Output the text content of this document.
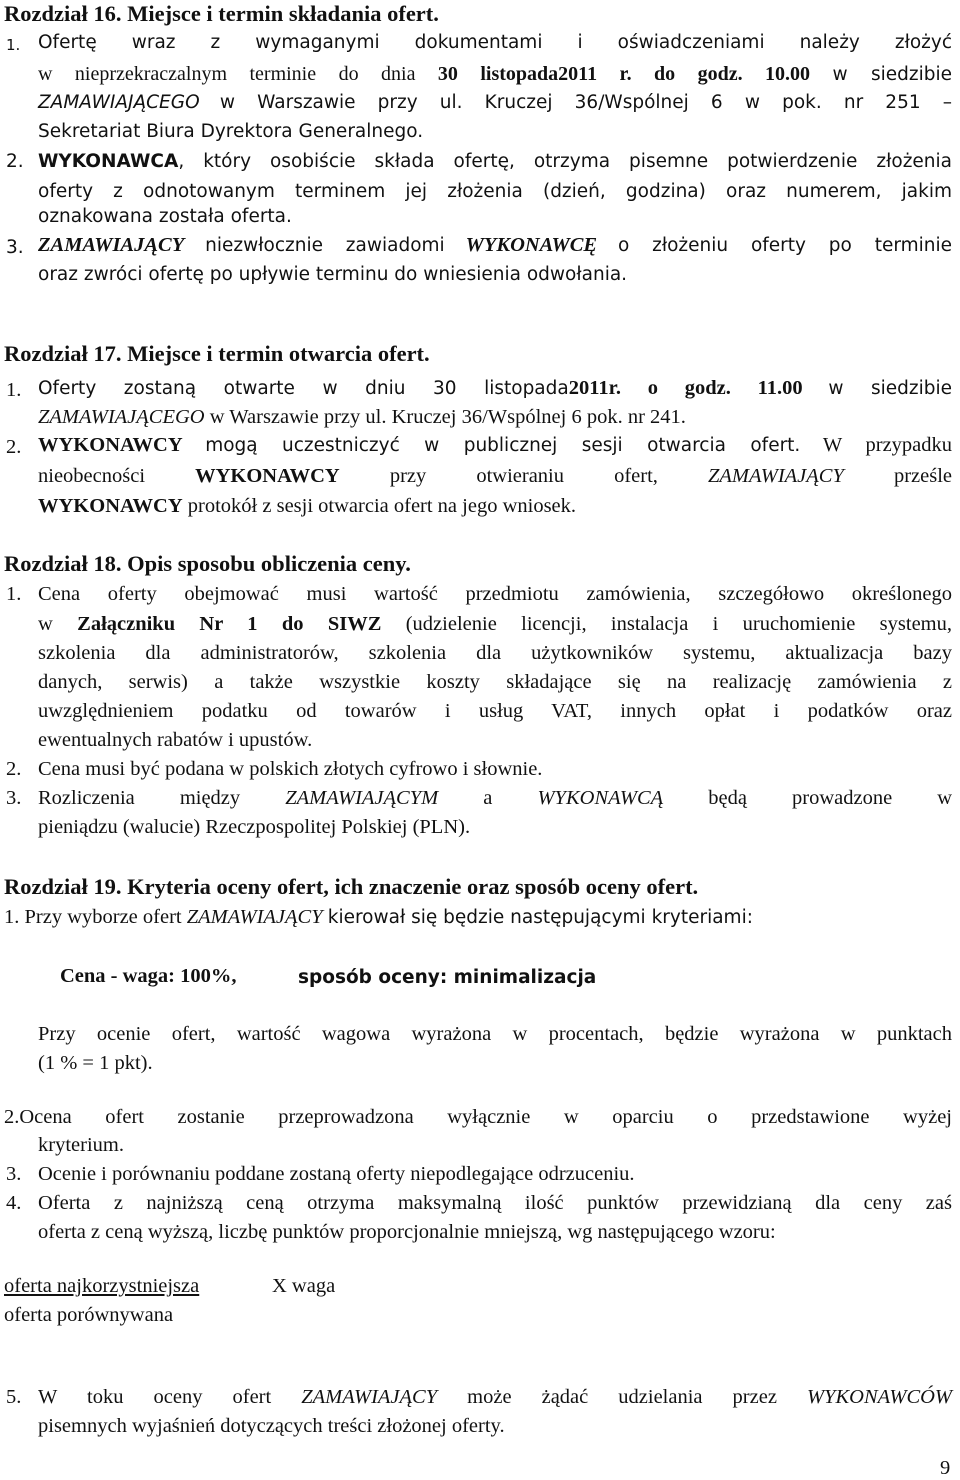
Rozdział 16. Miejsce i termin składania ofert.
1. Ofertę wraz z wymaganymi dokumentami i oświadczeniami należy złożyć
w nieprzekraczalnym terminie do dnia 30 listopada2011 r. do godz. 10.00 w siedzibie
ZAMAWIAJĄCEGO w Warszawie przy ul. Kruczej 36/Wspólnej 6 w pok. nr 251 –
Sekretariat Biura Dyrektora Generalnego.
2. WYKONAWCA, który osobiście składa ofertę, otrzyma pisemne potwierdzenie złożenia
oferty z odnotowanym terminem jej złożenia (dzień, godzina) oraz numerem, jakim
oznakowana została oferta.
3. ZAMAWIAJĄCY niezwłocznie zawiadomi WYKONAWCĘ o złożeniu oferty po terminie
oraz zwróci ofertę po upływie terminu do wniesienia odwołania.
Rozdział 17. Miejsce i termin otwarcia ofert.
1. Oferty zostaną otwarte w dniu 30 listopada2011r. o godz. 11.00 w siedzibie
ZAMAWIAJĄCEGO w Warszawie przy ul. Kruczej 36/Wspólnej 6 pok. nr 241.
2. WYKONAWCY mogą uczestniczyć w publicznej sesji otwarcia ofert. W przypadku
nieobecności WYKONAWCY przy otwieraniu ofert, ZAMAWIAJĄCY prześle
WYKONAWCY protokół z sesji otwarcia ofert na jego wniosek.
Rozdział 18. Opis sposobu obliczenia ceny.
1. Cena oferty obejmować musi wartość przedmiotu zamówienia, szczegółowo określonego
w Załączniku Nr 1 do SIWZ (udzielenie licencji, instalacja i uruchomienie systemu,
szkolenia dla administratorów, szkolenia dla użytkowników systemu, aktualizacja bazy
danych, serwis) a także wszystkie koszty składające się na realizację zamówienia z
uwzględnieniem podatku od towarów i usług VAT, innych opłat i podatków oraz
ewentualnych rabatów i upustów.
2. Cena musi być podana w polskich złotych cyfrowo i słownie.
3. Rozliczenia między ZAMAWIAJĄCYM a WYKONAWCĄ będą prowadzone w
pieniądzu (walucie) Rzeczpospolitej Polskiej (PLN).
Rozdział 19. Kryteria oceny ofert, ich znaczenie oraz sposób oceny ofert.
1. Przy wyborze ofert ZAMAWIAJĄCY kierował się będzie następującymi kryteriami:
Cena - waga: 100%,	sposób oceny: minimalizacja
Przy ocenie ofert, wartość wagowa wyrażona w procentach, będzie wyrażona w punktach
(1 % = 1 pkt).
2.Ocena ofert zostanie przeprowadzona wyłącznie w oparciu o przedstawione wyżej
kryterium.
3. Ocenie i porównaniu poddane zostaną oferty niepodlegające odrzuceniu.
4. Oferta z najniższą ceną otrzyma maksymalną ilość punktów przewidzianą dla ceny zaś
oferta z ceną wyższą, liczbę punktów proporcjonalnie mniejszą, wg następującego wzoru:
oferta najkorzystniejsza	X waga
oferta porównywana
5. W toku oceny ofert ZAMAWIAJĄCY może żądać udzielania przez WYKONAWCÓW
pisemnych wyjaśnień dotyczących treści złożonej oferty.
9
